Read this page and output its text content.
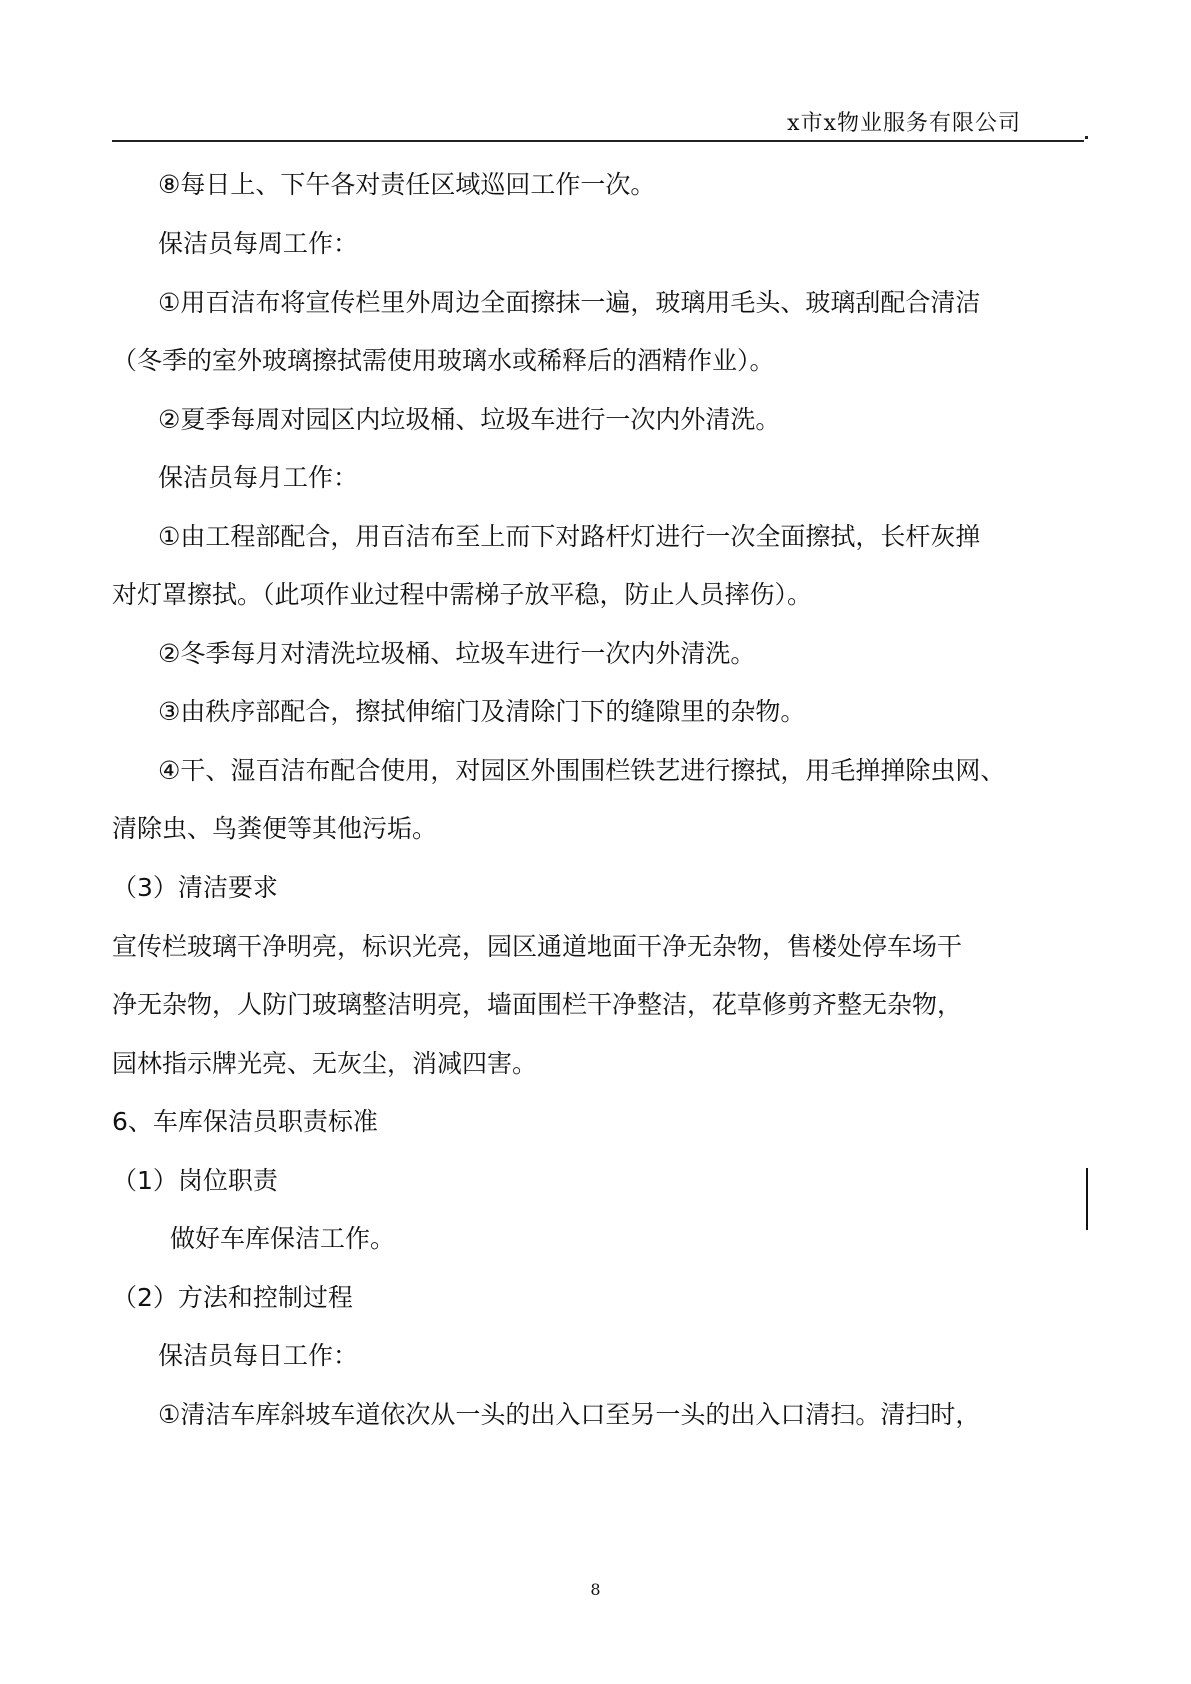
x市x物业服务有限公司
⑧每日上、下午各对责任区域巡回工作一次。
保洁员每周工作：
①用百洁布将宣传栏里外周边全面擦抹一遍，玻璃用毛头、玻璃刮配合清洁
（冬季的室外玻璃擦拭需使用玻璃水或稀释后的酒精作业）。
②夏季每周对园区内垃圾桶、垃圾车进行一次内外清洗。
保洁员每月工作：
①由工程部配合，用百洁布至上而下对路杆灯进行一次全面擦拭，长杆灰掸
对灯罩擦拭。（此项作业过程中需梯子放平稳，防止人员摔伤）。
②冬季每月对清洗垃圾桶、垃圾车进行一次内外清洗。
③由秩序部配合，擦拭伸缩门及清除门下的缝隙里的杂物。
④干、湿百洁布配合使用，对园区外围围栏铁艺进行擦拭，用毛掸掸除虫网、
清除虫、鸟粪便等其他污垢。
（3）清洁要求
宣传栏玻璃干净明亮，标识光亮，园区通道地面干净无杂物，售楼处停车场干
净无杂物，人防门玻璃整洁明亮，墙面围栏干净整洁，花草修剪齐整无杂物，
园林指示牌光亮、无灰尘，消减四害。
6、车库保洁员职责标准
（1）岗位职责
做好车库保洁工作。
（2）方法和控制过程
保洁员每日工作：
①清洁车库斜坡车道依次从一头的出入口至另一头的出入口清扫。清扫时，
8
